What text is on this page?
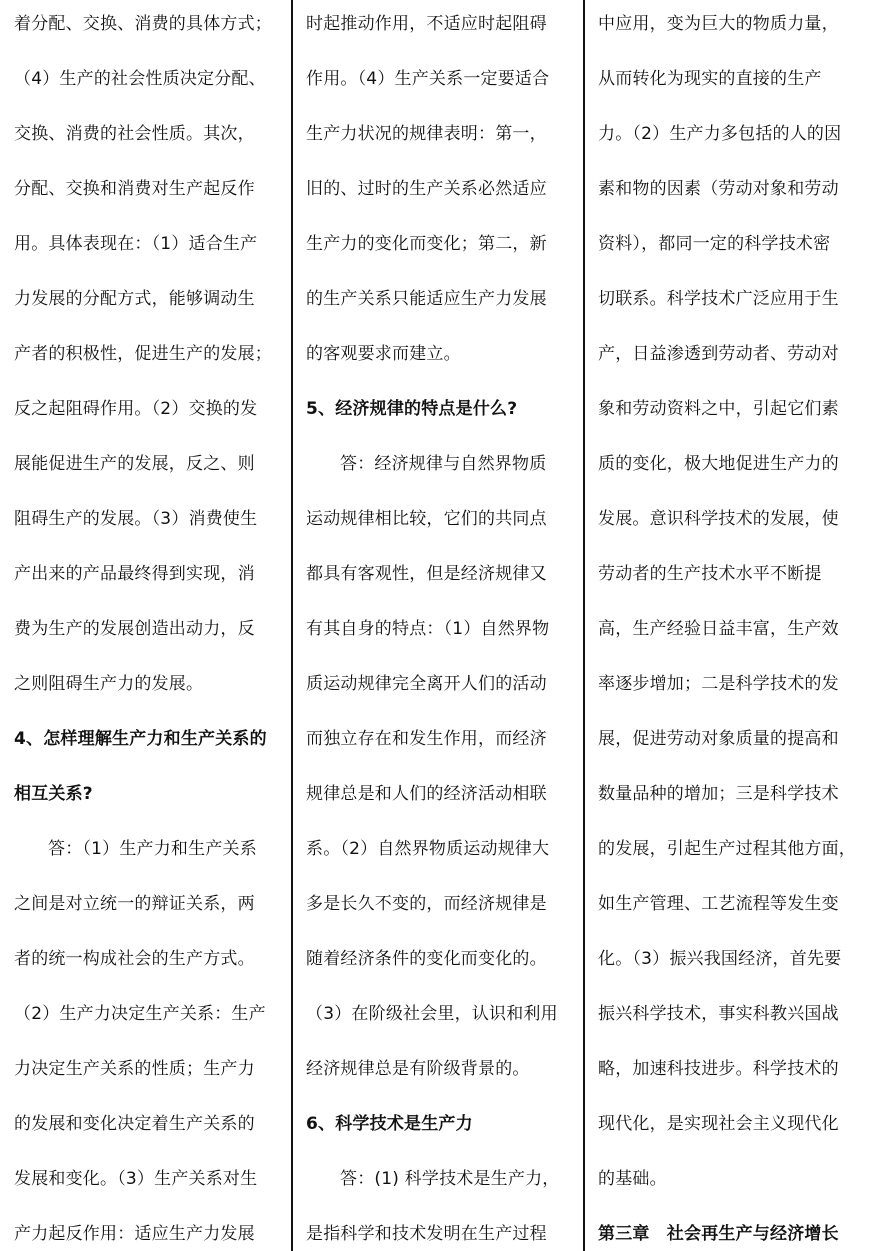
着分配、交换、消费的具体方式；
（4）生产的社会性质决定分配、
交换、消费的社会性质。其次，
分配、交换和消费对生产起反作
用。具体表现在：（1）适合生产
力发展的分配方式，能够调动生
产者的积极性，促进生产的发展；
反之起阻碍作用。（2）交换的发
展能促进生产的发展，反之、则
阻碍生产的发展。（3）消费使生
产出来的产品最终得到实现，消
费为生产的发展创造出动力，反
之则阻碍生产力的发展。
4、怎样理解生产力和生产关系的
相互关系?
答：（1）生产力和生产关系
之间是对立统一的辩证关系，两
者的统一构成社会的生产方式。
（2）生产力决定生产关系：生产
力决定生产关系的性质；生产力
的发展和变化决定着生产关系的
发展和变化。（3）生产关系对生
产力起反作用：适应生产力发展
时起推动作用，不适应时起阻碍
作用。（4）生产关系一定要适合
生产力状况的规律表明：第一，
旧的、过时的生产关系必然适应
生产力的变化而变化；第二，新
的生产关系只能适应生产力发展
的客观要求而建立。
5、经济规律的特点是什么?
答：经济规律与自然界物质
运动规律相比较，它们的共同点
都具有客观性，但是经济规律又
有其自身的特点：（1）自然界物
质运动规律完全离开人们的活动
而独立存在和发生作用，而经济
规律总是和人们的经济活动相联
系。（2）自然界物质运动规律大
多是长久不变的，而经济规律是
随着经济条件的变化而变化的。
（3）在阶级社会里，认识和利用
经济规律总是有阶级背景的。
6、科学技术是生产力
答：(1) 科学技术是生产力，
是指科学和技术发明在生产过程
中应用，变为巨大的物质力量，
从而转化为现实的直接的生产
力。（2）生产力多包括的人的因
素和物的因素（劳动对象和劳动
资料），都同一定的科学技术密
切联系。科学技术广泛应用于生
产，日益渗透到劳动者、劳动对
象和劳动资料之中，引起它们素
质的变化，极大地促进生产力的
发展。意识科学技术的发展，使
劳动者的生产技术水平不断提
高，生产经验日益丰富，生产效
率逐步增加；二是科学技术的发
展，促进劳动对象质量的提高和
数量品种的增加；三是科学技术
的发展，引起生产过程其他方面，
如生产管理、工艺流程等发生变
化。（3）振兴我国经济，首先要
振兴科学技术，事实科教兴国战
略，加速科技进步。科学技术的
现代化，是实现社会主义现代化
的基础。
第三章　社会再生产与经济增长
